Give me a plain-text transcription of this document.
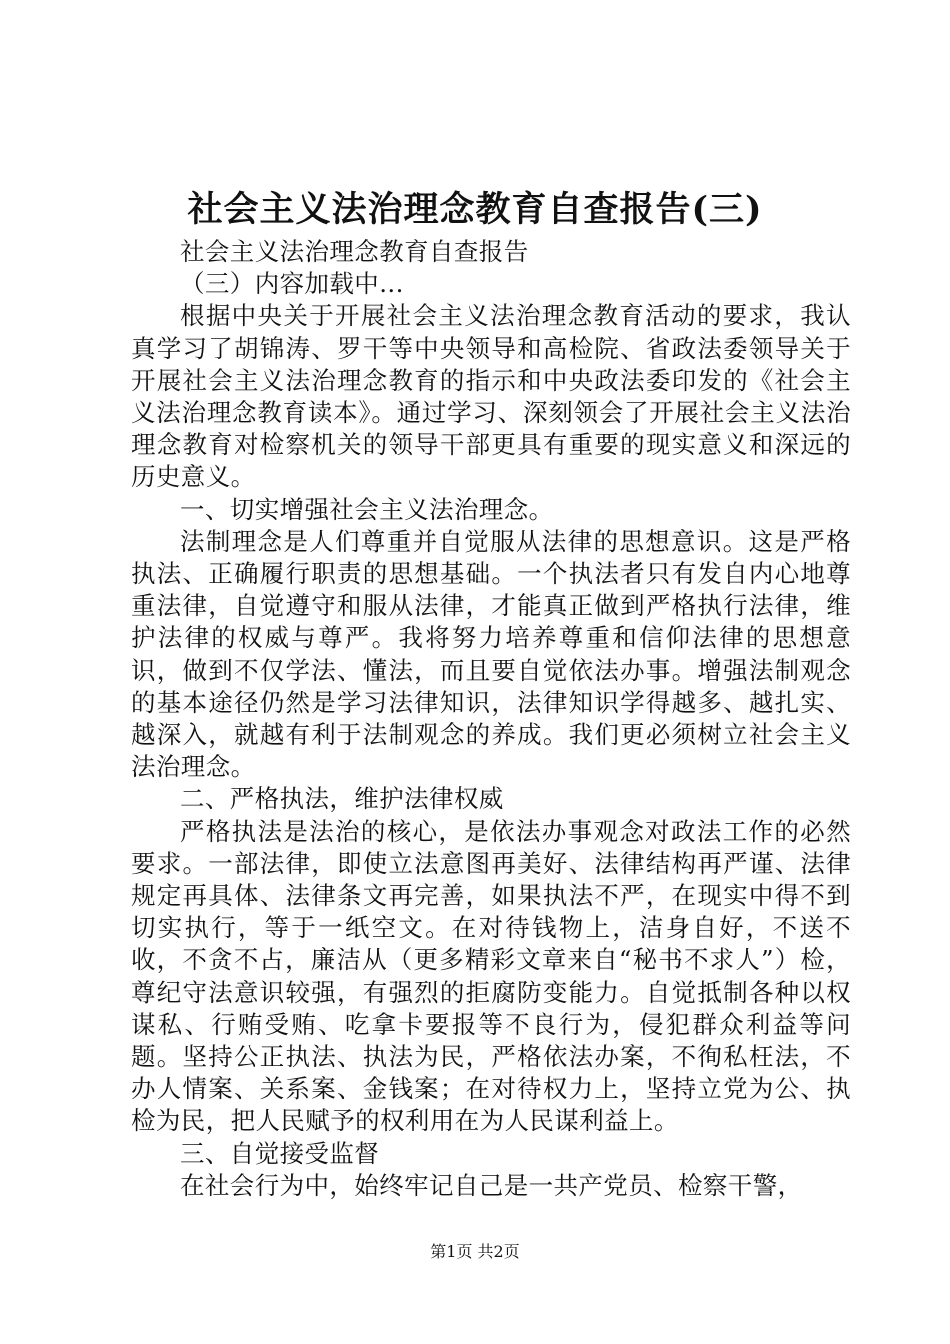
社会主义法治理念教育自查报告(三)

社会主义法治理念教育自查报告

（三）内容加载中...

根据中央关于开展社会主义法治理念教育活动的要求，我认真学习了胡锦涛、罗干等中央领导和高检院、省政法委领导关于开展社会主义法治理念教育的指示和中央政法委印发的《社会主义法治理念教育读本》。通过学习、深刻领会了开展社会主义法治理念教育对检察机关的领导干部更具有重要的现实意义和深远的历史意义。

一、切实增强社会主义法治理念。

法制理念是人们尊重并自觉服从法律的思想意识。这是严格执法、正确履行职责的思想基础。一个执法者只有发自内心地尊重法律，自觉遵守和服从法律，才能真正做到严格执行法律，维护法律的权威与尊严。我将努力培养尊重和信仰法律的思想意识，做到不仅学法、懂法，而且要自觉依法办事。增强法制观念的基本途径仍然是学习法律知识，法律知识学得越多、越扎实、越深入，就越有利于法制观念的养成。我们更必须树立社会主义法治理念。

二、严格执法，维护法律权威

严格执法是法治的核心，是依法办事观念对政法工作的必然要求。一部法律，即使立法意图再美好、法律结构再严谨、法律规定再具体、法律条文再完善，如果执法不严，在现实中得不到切实执行，等于一纸空文。在对待钱物上，洁身自好，不送不收，不贪不占，廉洁从（更多精彩文章来自“秘书不求人”）检，尊纪守法意识较强，有强烈的拒腐防变能力。自觉抵制各种以权谋私、行贿受贿、吃拿卡要报等不良行为，侵犯群众利益等问题。坚持公正执法、执法为民，严格依法办案，不徇私枉法，不办人情案、关系案、金钱案；在对待权力上，坚持立党为公、执检为民，把人民赋予的权利用在为人民谋利益上。

三、自觉接受监督

在社会行为中，始终牢记自己是一共产党员、检察干警，

第1页 共2页
